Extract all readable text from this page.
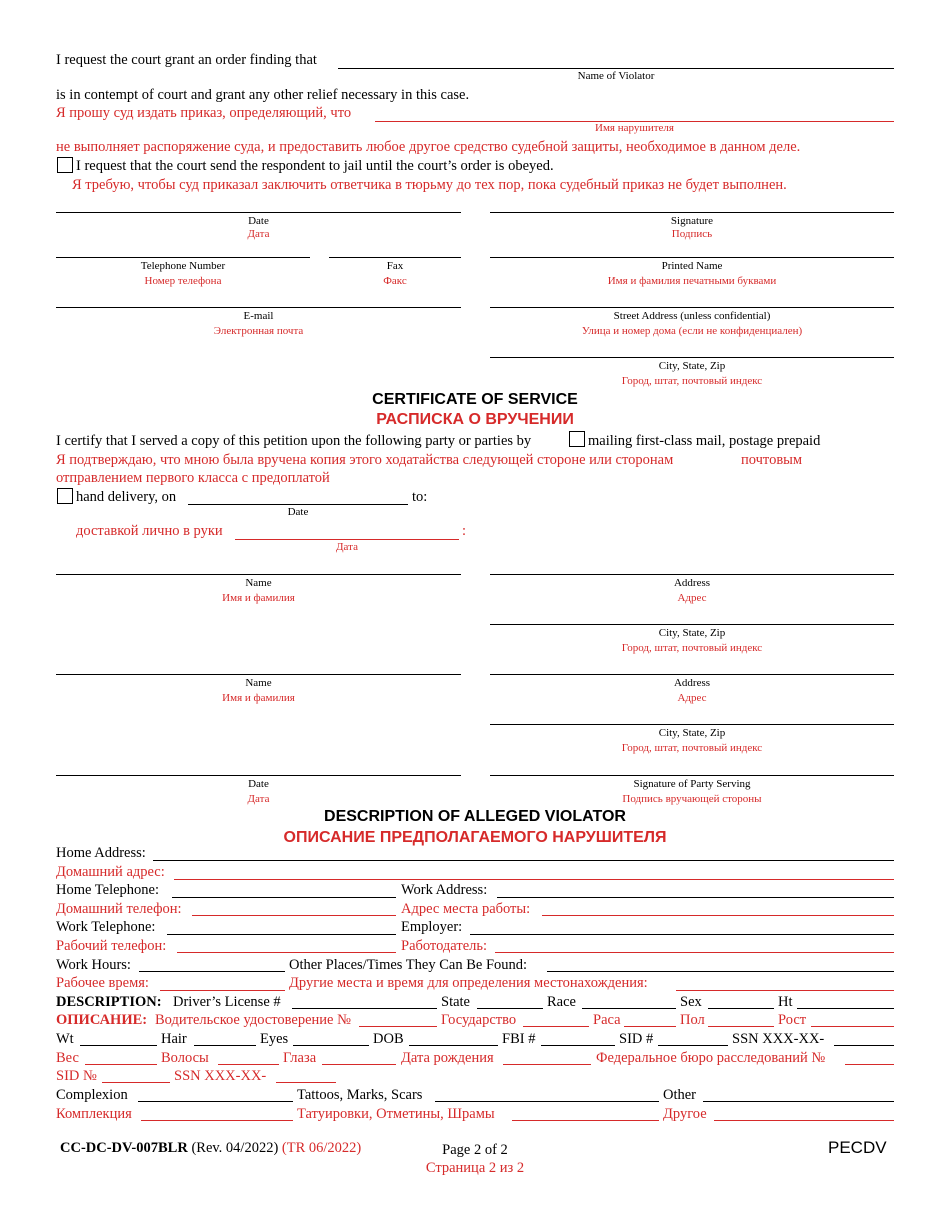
I request the court grant an order finding that
Name of Violator
is in contempt of court and grant any other relief necessary in this case.
Я прошу суд издать приказ, определяющий, что
Имя нарушителя
не выполняет распоряжение суда, и предоставить любое другое средство судебной защиты, необходимое в данном деле.
I request that the court send the respondent to jail until the court’s order is obeyed.
Я требую, чтобы суд приказал заключить ответчика в тюрьму до тех пор, пока судебный приказ не будет выполнен.
Date
Дата
Signature
Подпись
Telephone Number
Номер телефона
Fax
Факс
Printed Name
Имя и фамилия печатными буквами
E-mail
Электронная почта
Street Address (unless confidential)
Улица и номер дома (если не конфиденциален)
City, State, Zip
Город, штат, почтовый индекс
CERTIFICATE OF SERVICE
РАСПИСКА О ВРУЧЕНИИ
I certify that I served a copy of this petition upon the following party or parties by	mailing first-class mail, postage prepaid
Я подтверждаю, что мною была вручена копия этого ходатайства следующей стороне или сторонам	почтовым
отправлением первого класса с предоплатой
hand delivery, on	to:
Date
доставкой лично в руки	:
Дата
Name
Имя и фамилия
Address
Адрес
City, State, Zip
Город, штат, почтовый индекс
Name
Имя и фамилия
Address
Адрес
City, State, Zip
Город, штат, почтовый индекс
Date
Дата
Signature of Party Serving
Подпись вручающей стороны
DESCRIPTION OF ALLEGED VIOLATOR
ОПИСАНИЕ ПРЕДПОЛАГАЕМОГО НАРУШИТЕЛЯ
Home Address:
Домашний адрес:
Home Telephone:	Work Address:
Домашний телефон:	Адрес места работы:
Work Telephone:	Employer:
Рабочий телефон:	Работодатель:
Work Hours:	Other Places/Times They Can Be Found:
Рабочее время:	Другие места и время для определения местонахождения:
DESCRIPTION: Driver’s License #	State	Race	Sex	Ht
ОПИСАНИЕ: Водительское удостоверение №	Государство	Раса	Пол	Рост
Wt	Hair	Eyes	DOB	FBI #	SID #	SSN XXX-XX-
Вес	Волосы	Глаза	Дата рождения	Федеральное бюро расследований №
SID №	SSN XXX-XX-
Complexion	Tattoos, Marks, Scars	Other
Комплекция	Татуировки, Отметины, Шрамы	Другое
CC-DC-DV-007BLR (Rev. 04/2022) (TR 06/2022)	Page 2 of 2
Страница 2 из 2
PECDV
